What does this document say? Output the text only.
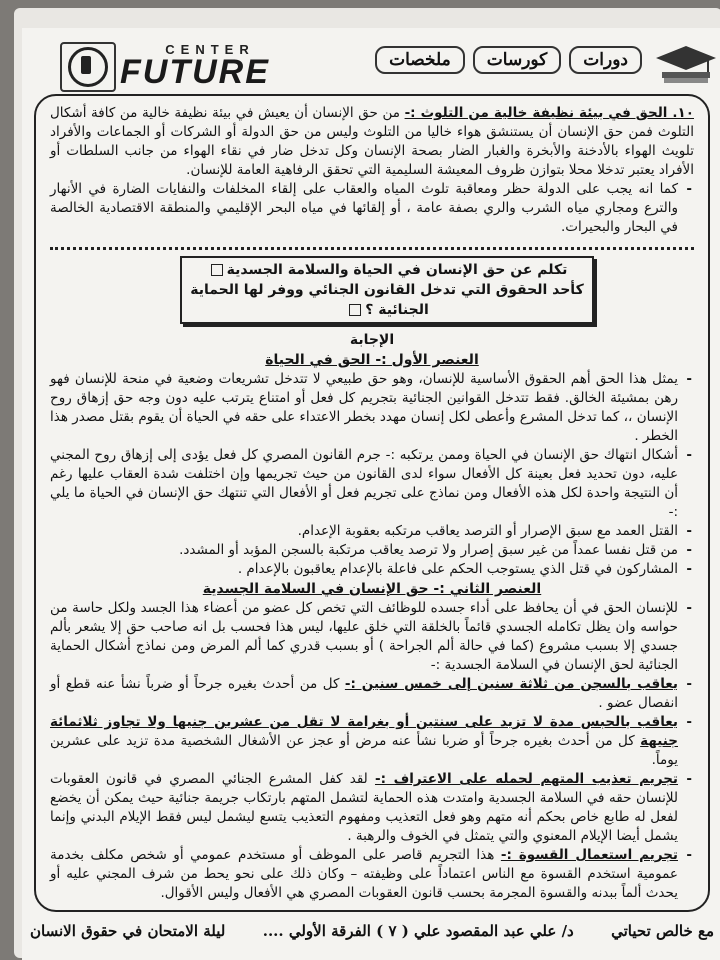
CENTER
FUTURE	دورات
كورسات
ملخصات

١٠. الحق في بيئة نظيفة خالية من التلوث :- من حق الإنسان أن يعيش في بيئة نظيفة خالية من كافة أشكال التلوث فمن حق الإنسان أن يستنشق هواء خاليا من التلوث وليس من حق الدولة أو الشركات أو الجماعات والأفراد تلويث الهواء بالأدخنة والأبخرة والغبار الضار بصحة الإنسان وكل تدخل ضار في نقاء الهواء من جانب السلطات أو الأفراد يعتبر تدخلا محلا بتوازن ظروف المعيشة السليمية التي تحقق الرفاهية العامة للإنسان.

- كما انه يجب على الدولة حظر ومعاقبة تلوث المياه والعقاب على إلقاء المخلفات والنفايات الضارة في الأنهار والترع ومجاري مياه الشرب والري بصفة عامة ، أو إلقائها في مياه البحر الإقليمي والمنطقة الاقتصادية الخالصة في البحار والبحيرات.

تكلم عن حق الإنسان في الحياة والسلامة الجسدية
كأحد الحقوق التي تدخل القانون الجنائي ووفر لها الحماية الجنائية ؟

الإجابة

العنصر الأول :- الحق في الحياة

- يمثل هذا الحق أهم الحقوق الأساسية للإنسان، وهو حق طبيعي لا تتدخل تشريعات وضعية في منحة للإنسان فهو رهن بمشيئة الخالق. فقط تتدخل القوانين الجنائية بتجريم كل فعل أو امتناع يترتب عليه دون وجه حق إزهاق روح الإنسان ،، كما تدخل المشرع وأعطى لكل إنسان مهدد بخطر الاعتداء على حقه في الحياة أن يقوم بقتل مصدر هذا الخطر .

- أشكال انتهاك حق الإنسان في الحياة وممن يرتكبه :- جرم القانون المصري كل فعل يؤدى إلى إزهاق روح المجني عليه، دون تحديد فعل بعينة كل الأفعال سواء لدى القانون من حيث تجريمها وإن اختلفت شدة العقاب عليها رغم أن النتيجة واحدة لكل هذه الأفعال ومن نماذج على تجريم فعل أو الأفعال التي تنتهك حق الإنسان في الحياة ما يلي :-

- القتل العمد مع سبق الإصرار أو الترصد يعاقب مرتكبه بعقوبة الإعدام.

- من قتل نفسا عمداً من غير سبق إصرار ولا ترصد يعاقب مرتكبة بالسجن المؤبد أو المشدد.

- المشاركون في قتل الذي يستوجب الحكم على فاعلة بالإعدام يعاقبون بالإعدام .

العنصر الثاني :- حق الإنسان في السلامة الجسدية

- للإنسان الحق في أن يحافظ على أداء جسده للوظائف التي تخص كل عضو من أعضاء هذا الجسد ولكل حاسة من حواسه وان يظل تكامله الجسدي قائماً بالخلقة التي خلق عليها، ليس هذا فحسب بل انه صاحب حق إلا يشعر بألم جسدي إلا بسبب مشروع (كما في حالة ألم الجراحة ) أو بسبب قدري كما ألم المرض ومن نماذج أشكال الحماية الجنائية لحق الإنسان في السلامة الجسدية :-

- يعاقب بالسجن من ثلاثة سنين إلى خمس سنين :- كل من أحدث بغيره جرحاً أو ضرباً نشأ عنه قطع أو انفصال عضو .

- يعاقب بالحبس مدة لا تزيد على سنتين أو بغرامة لا تقل من عشرين جنيها ولا تجاوز ثلاثمائة جنيهة كل من أحدث بغيره جرحاً أو ضربا نشأ عنه مرض أو عجز عن الأشغال الشخصية مدة تزيد على عشرين يوماً.

- تجريم تعذيب المتهم لحمله على الاعتراف :- لقد كفل المشرع الجنائي المصري في قانون العقوبات للإنسان حقه في السلامة الجسدية وامتدت هذه الحماية لتشمل المتهم بارتكاب جريمة جنائية حيث يمكن أن يخضع لفعل له طابع خاص بحكم أنه متهم وهو فعل التعذيب ومفهوم التعذيب يتسع ليشمل ليس فقط الإيلام البدني وإنما يشمل أيضا الإيلام المعنوي والتي يتمثل في الخوف والرهبة .

- تجريم استعمال القسوة :- هذا التجريم قاصر على الموظف أو مستخدم عمومي أو شخص مكلف بخدمة عمومية استخدم القسوة مع الناس اعتماداً على وظيفته – وكان ذلك على نحو يحط من شرف المجني عليه أو يحدث ألماً ببدنه والقسوة المجرمة بحسب قانون العقوبات المصري هي الأفعال وليس الأقوال.

مع خالص تحياتي
د/ علي عبد المقصود علي ( ٧ ) الفرقة الأولي ....
ليلة الامتحان في حقوق الانسان
